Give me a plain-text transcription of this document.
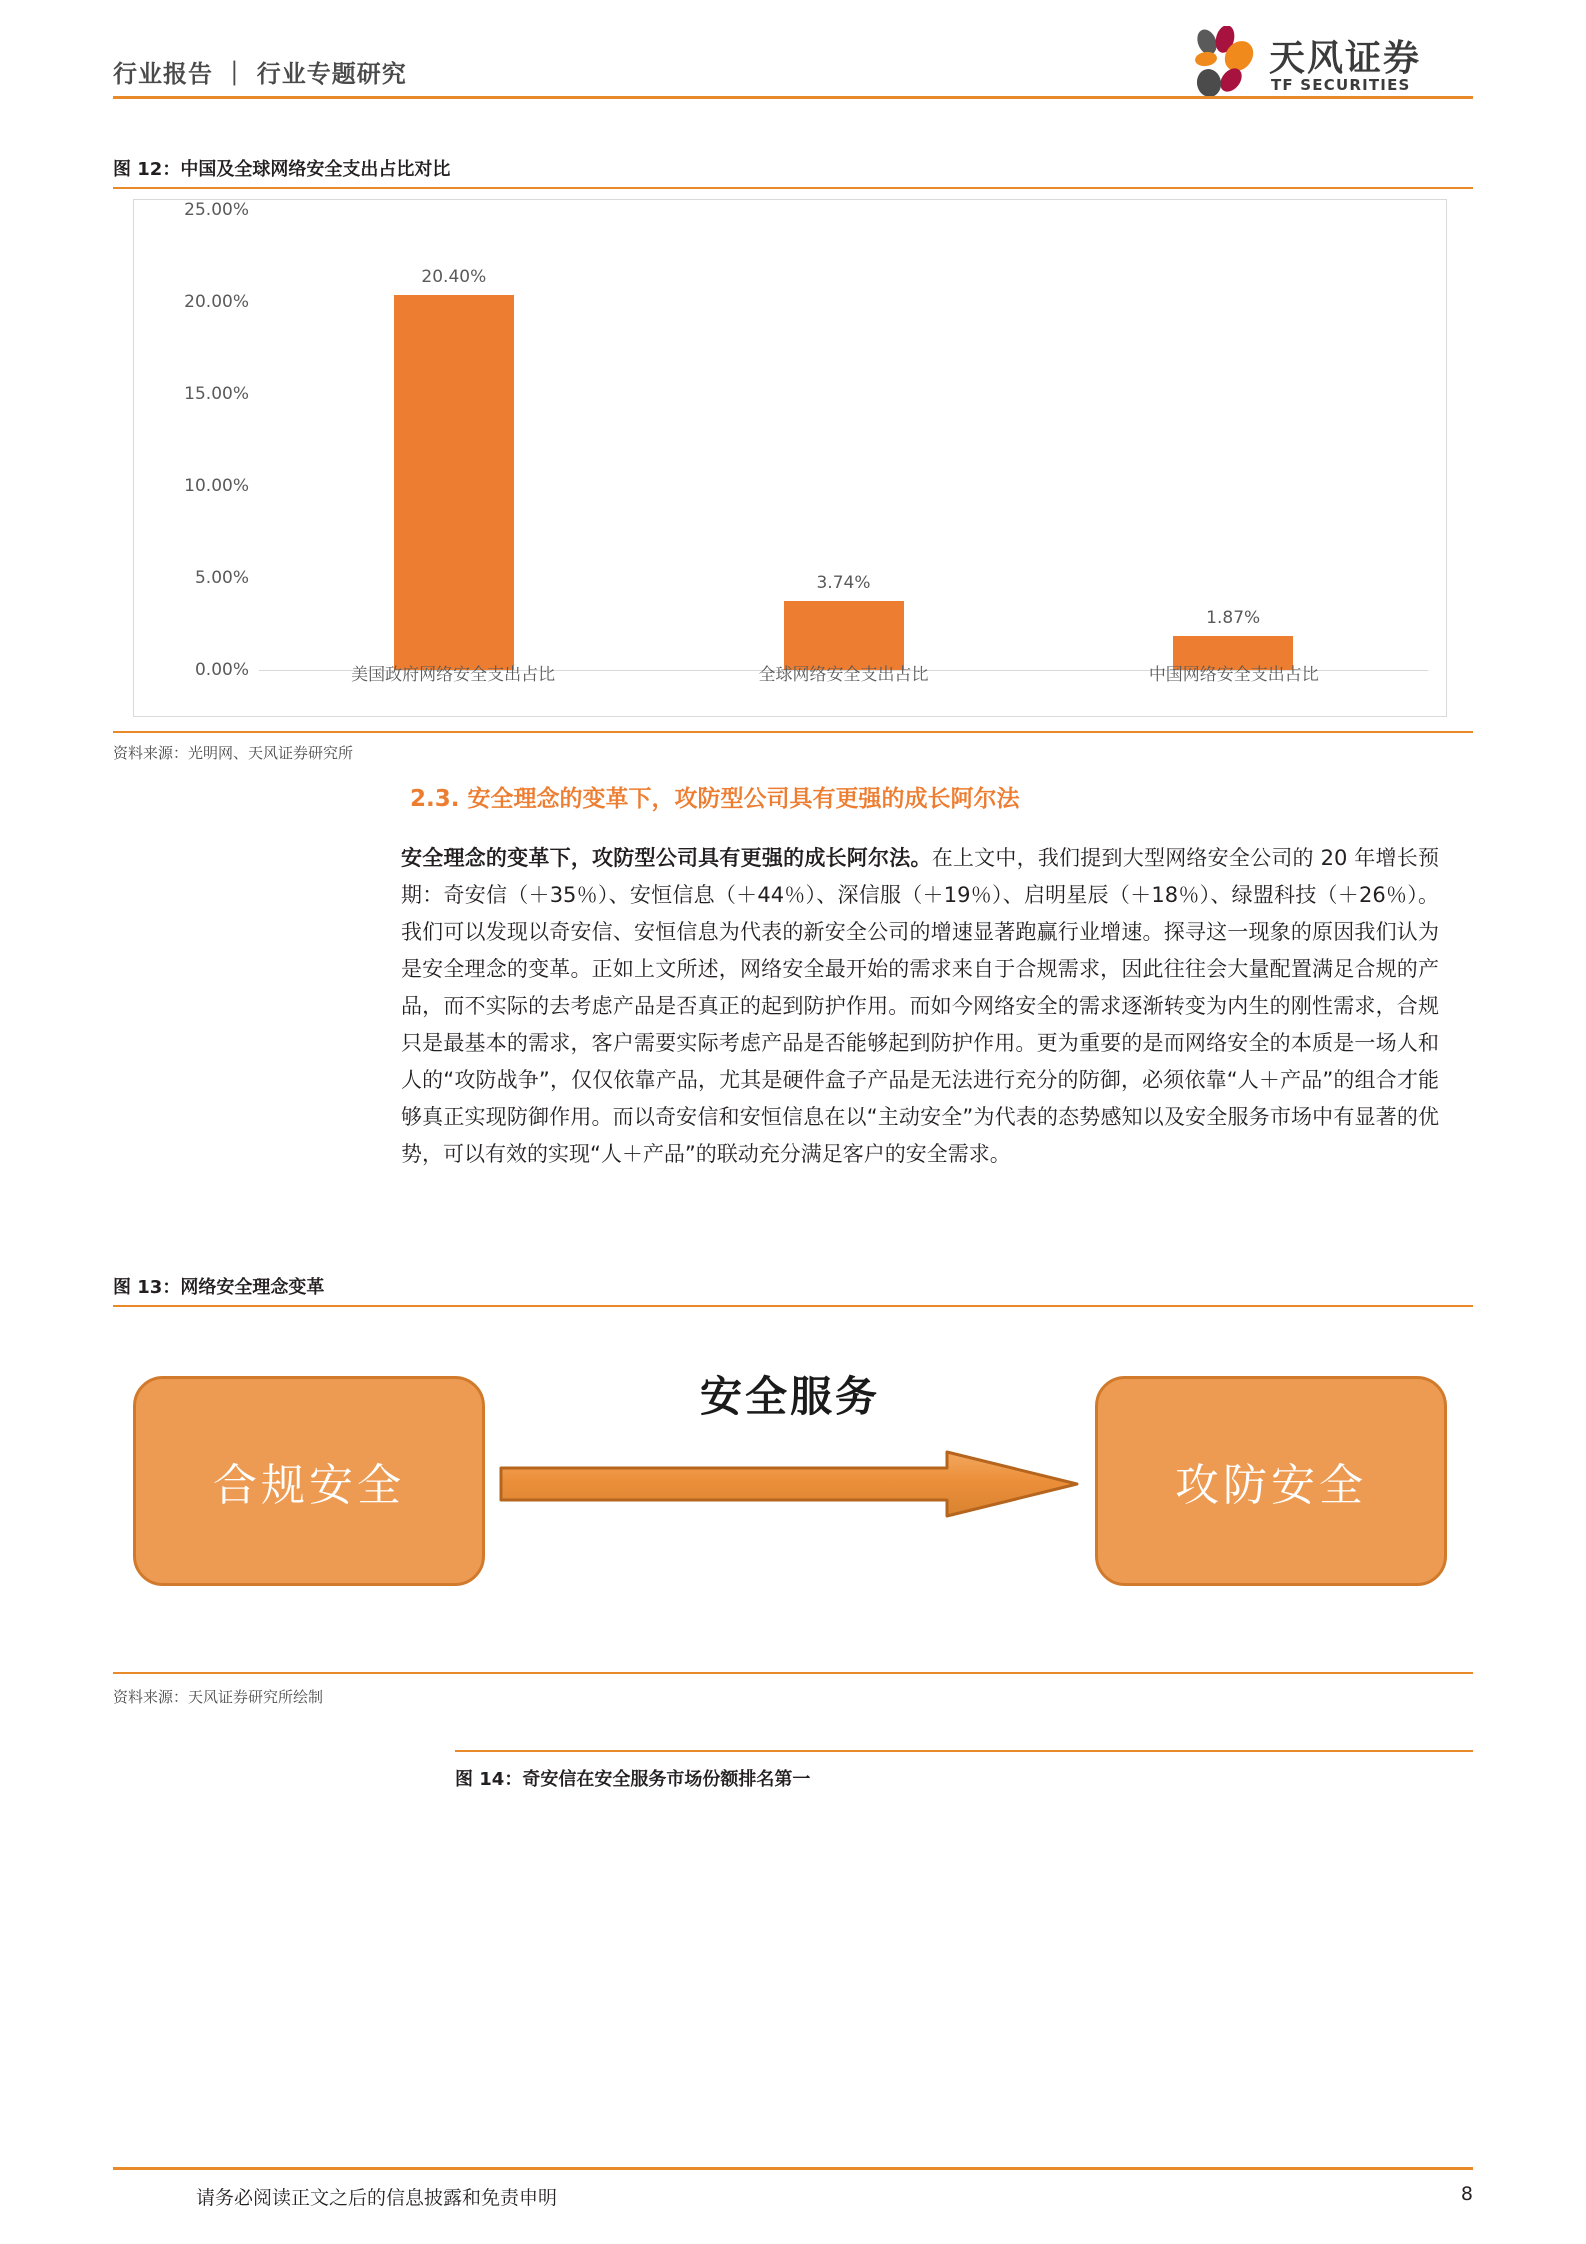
行业报告 ｜ 行业专题研究	天风证券
TF SECURITIES
图 12：中国及全球网络安全支出占比对比
0.00%
5.00%
10.00%
15.00%
20.00%
25.00%
20.40%
3.74%
1.87%
美国政府网络安全支出占比	全球网络安全支出占比	中国网络安全支出占比
资料来源：光明网、天风证券研究所
2.3. 安全理念的变革下，攻防型公司具有更强的成长阿尔法
安全理念的变革下，攻防型公司具有更强的成长阿尔法。在上文中，我们提到大型网络安全公司的 20 年增长预期：奇安信（＋35％）、安恒信息（＋44％）、深信服（＋19％）、启明星辰（＋18％）、绿盟科技（＋26％）。我们可以发现以奇安信、安恒信息为代表的新安全公司的增速显著跑赢行业增速。探寻这一现象的原因我们认为是安全理念的变革。正如上文所述，网络安全最开始的需求来自于合规需求，因此往往会大量配置满足合规的产品，而不实际的去考虑产品是否真正的起到防护作用。而如今网络安全的需求逐渐转变为内生的刚性需求，合规只是最基本的需求，客户需要实际考虑产品是否能够起到防护作用。更为重要的是而网络安全的本质是一场人和人的“攻防战争”，仅仅依靠产品，尤其是硬件盒子产品是无法进行充分的防御，必须依靠“人＋产品”的组合才能够真正实现防御作用。而以奇安信和安恒信息在以“主动安全”为代表的态势感知以及安全服务市场中有显著的优势，可以有效的实现“人＋产品”的联动充分满足客户的安全需求。
图 13：网络安全理念变革
合规安全
安全服务
攻防安全
资料来源：天风证券研究所绘制
图 14：奇安信在安全服务市场份额排名第一
请务必阅读正文之后的信息披露和免责申明	8
